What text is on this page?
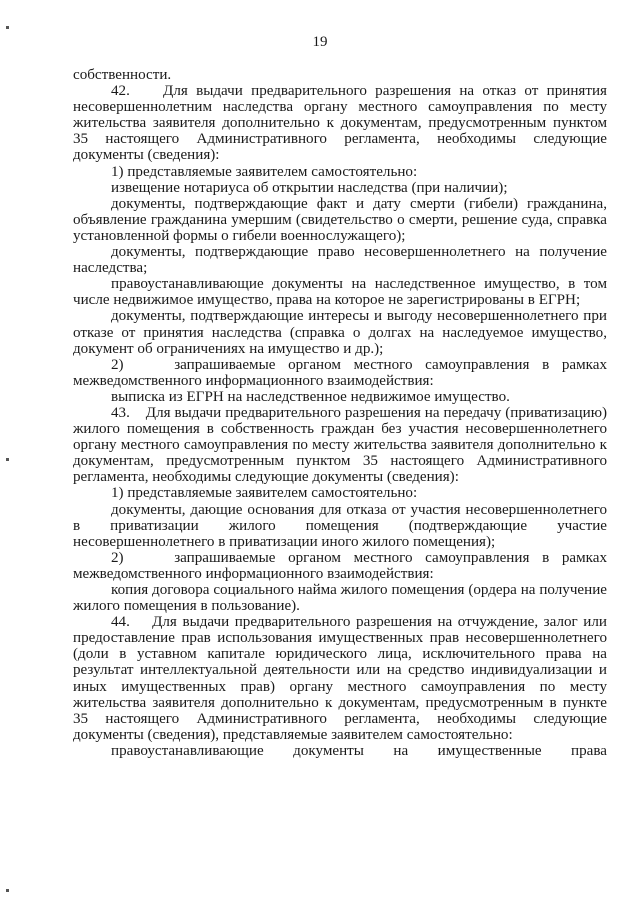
19

собственности.

42.    Для выдачи предварительного разрешения на отказ от принятия несовершеннолетним наследства органу местного самоуправления по месту жительства заявителя дополнительно к документам, предусмотренным пунктом 35 настоящего Административного регламента, необходимы следующие документы (сведения):

1) представляемые заявителем самостоятельно:

извещение нотариуса об открытии наследства (при наличии);

документы, подтверждающие факт и дату смерти (гибели) гражданина, объявление гражданина умершим (свидетельство о смерти, решение суда, справка установленной формы о гибели военнослужащего);

документы, подтверждающие право несовершеннолетнего на получение наследства;

правоустанавливающие документы на наследственное имущество, в том числе недвижимое имущество, права на которое не зарегистрированы в ЕГРН;

документы, подтверждающие интересы и выгоду несовершеннолетнего при отказе от принятия наследства (справка о долгах на наследуемое имущество, документ об ограничениях на имущество и др.);

2)    запрашиваемые органом местного самоуправления в рамках межведомственного информационного взаимодействия:

выписка из ЕГРН на наследственное недвижимое имущество.

43.    Для выдачи предварительного разрешения на передачу (приватизацию) жилого помещения в собственность граждан без участия несовершеннолетнего органу местного самоуправления по месту жительства заявителя дополнительно к документам, предусмотренным пунктом 35 настоящего Административного регламента, необходимы следующие документы (сведения):

1) представляемые заявителем самостоятельно:

документы, дающие основания для отказа от участия несовершеннолетнего в приватизации жилого помещения (подтверждающие участие несовершеннолетнего в приватизации иного жилого помещения);

2)    запрашиваемые органом местного самоуправления в рамках межведомственного информационного взаимодействия:

копия договора социального найма жилого помещения (ордера на получение жилого помещения в пользование).

44.    Для выдачи предварительного разрешения на отчуждение, залог или предоставление прав использования имущественных прав несовершеннолетнего (доли в уставном капитале юридического лица, исключительного права на результат интеллектуальной деятельности или на средство индивидуализации и иных имущественных прав) органу местного самоуправления по месту жительства заявителя дополнительно к документам, предусмотренным в пункте 35 настоящего Административного регламента, необходимы следующие документы (сведения), представляемые заявителем самостоятельно:

правоустанавливающие документы на имущественные права
